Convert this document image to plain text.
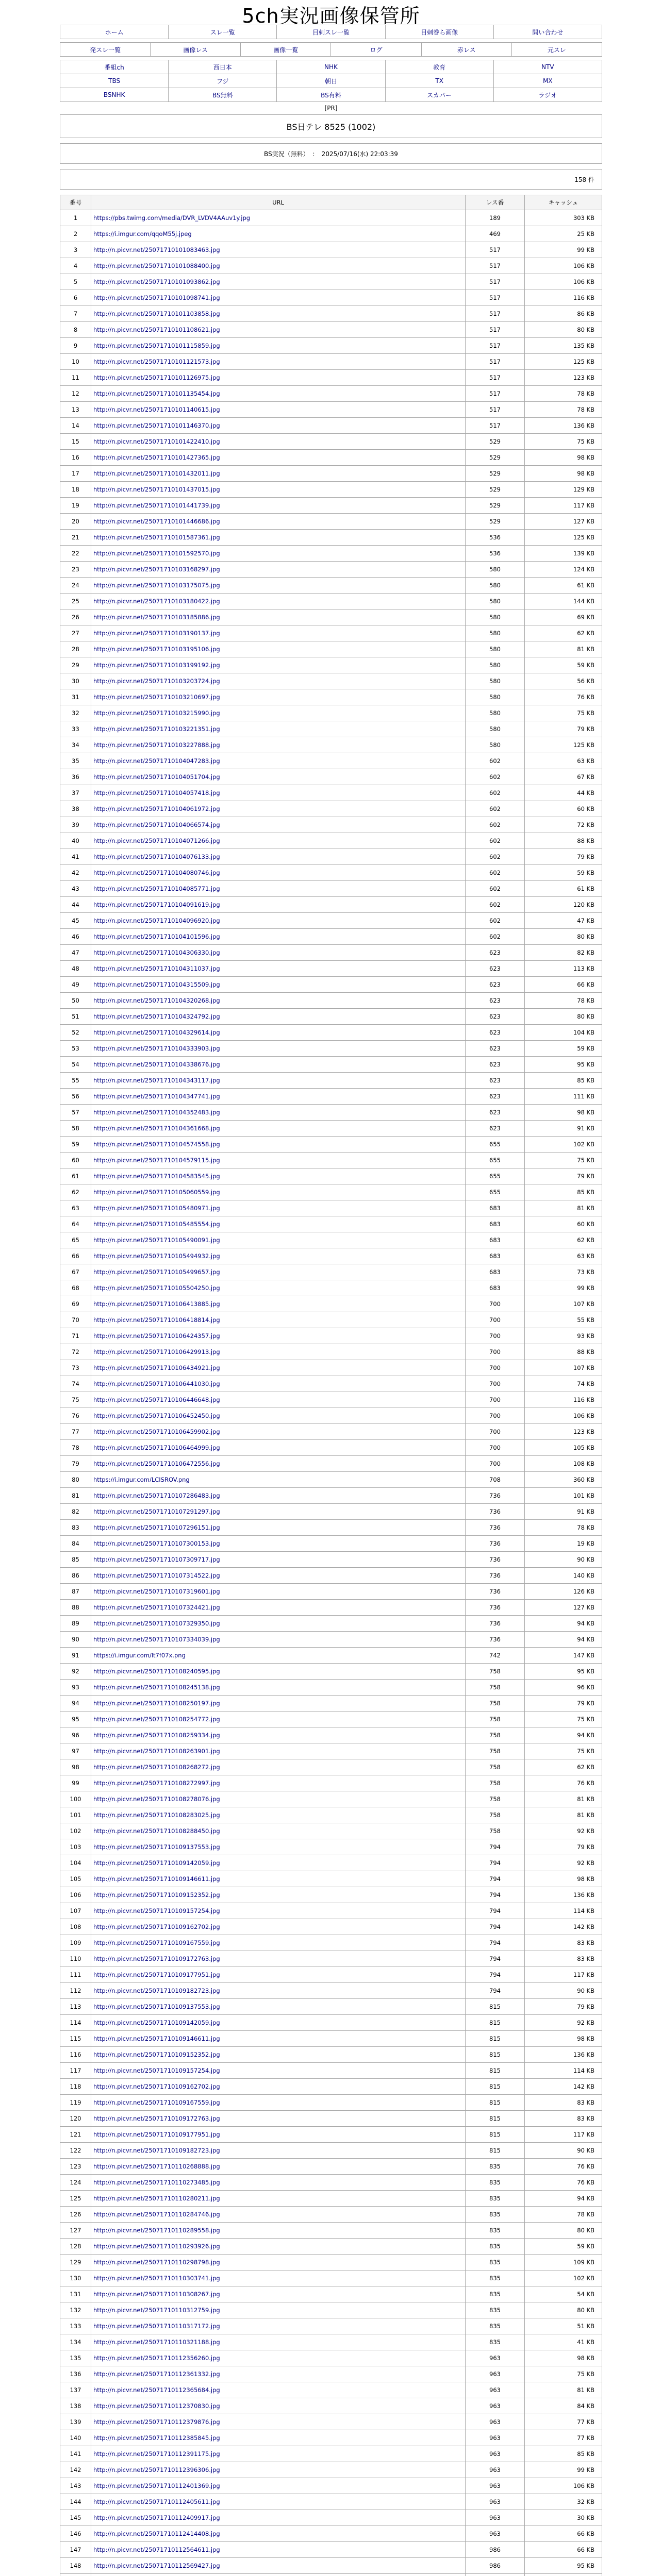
5ch実況画像保管所
ホーム	スレ一覧	目刺スレ一覧	目刺巻ら画像	問い合わせ
発スレ一覧	画像レス	画像一覧	ログ	赤レス	元スレ
番組ch	西日本	NHK	教育	NTV
TBS	フジ	朝日	TX	MX
BSNHK	BS無料	BS有料	スカパー	ラジオ
[PR]
BS日テレ 8525 (1002)
BS実況（無料）　：　2025/07/16(水) 22:03:39
158 件
番号	URL	レス番	キャッシュ
1	https://pbs.twimg.com/media/DVR_LVDV4AAuv1y.jpg	189	303 KB
2	https://i.imgur.com/qqoM55j.jpeg	469	25 KB
3	http://n.picvr.net/25071710101083463.jpg	517	99 KB
4	http://n.picvr.net/25071710101088400.jpg	517	106 KB
5	http://n.picvr.net/25071710101093862.jpg	517	106 KB
6	http://n.picvr.net/25071710101098741.jpg	517	116 KB
7	http://n.picvr.net/25071710101103858.jpg	517	86 KB
8	http://n.picvr.net/25071710101108621.jpg	517	80 KB
9	http://n.picvr.net/25071710101115859.jpg	517	135 KB
10	http://n.picvr.net/25071710101121573.jpg	517	125 KB
11	http://n.picvr.net/25071710101126975.jpg	517	123 KB
12	http://n.picvr.net/25071710101135454.jpg	517	78 KB
13	http://n.picvr.net/25071710101140615.jpg	517	78 KB
14	http://n.picvr.net/25071710101146370.jpg	517	136 KB
15	http://n.picvr.net/25071710101422410.jpg	529	75 KB
16	http://n.picvr.net/25071710101427365.jpg	529	98 KB
17	http://n.picvr.net/25071710101432011.jpg	529	98 KB
18	http://n.picvr.net/25071710101437015.jpg	529	129 KB
19	http://n.picvr.net/25071710101441739.jpg	529	117 KB
20	http://n.picvr.net/25071710101446686.jpg	529	127 KB
21	http://n.picvr.net/25071710101587361.jpg	536	125 KB
22	http://n.picvr.net/25071710101592570.jpg	536	139 KB
23	http://n.picvr.net/25071710103168297.jpg	580	124 KB
24	http://n.picvr.net/25071710103175075.jpg	580	61 KB
25	http://n.picvr.net/25071710103180422.jpg	580	144 KB
26	http://n.picvr.net/25071710103185886.jpg	580	69 KB
27	http://n.picvr.net/25071710103190137.jpg	580	62 KB
28	http://n.picvr.net/25071710103195106.jpg	580	81 KB
29	http://n.picvr.net/25071710103199192.jpg	580	59 KB
30	http://n.picvr.net/25071710103203724.jpg	580	56 KB
31	http://n.picvr.net/25071710103210697.jpg	580	76 KB
32	http://n.picvr.net/25071710103215990.jpg	580	75 KB
33	http://n.picvr.net/25071710103221351.jpg	580	79 KB
34	http://n.picvr.net/25071710103227888.jpg	580	125 KB
35	http://n.picvr.net/25071710104047283.jpg	602	63 KB
36	http://n.picvr.net/25071710104051704.jpg	602	67 KB
37	http://n.picvr.net/25071710104057418.jpg	602	44 KB
38	http://n.picvr.net/25071710104061972.jpg	602	60 KB
39	http://n.picvr.net/25071710104066574.jpg	602	72 KB
40	http://n.picvr.net/25071710104071266.jpg	602	88 KB
41	http://n.picvr.net/25071710104076133.jpg	602	79 KB
42	http://n.picvr.net/25071710104080746.jpg	602	59 KB
43	http://n.picvr.net/25071710104085771.jpg	602	61 KB
44	http://n.picvr.net/25071710104091619.jpg	602	120 KB
45	http://n.picvr.net/25071710104096920.jpg	602	47 KB
46	http://n.picvr.net/25071710104101596.jpg	602	80 KB
47	http://n.picvr.net/25071710104306330.jpg	623	82 KB
48	http://n.picvr.net/25071710104311037.jpg	623	113 KB
49	http://n.picvr.net/25071710104315509.jpg	623	66 KB
50	http://n.picvr.net/25071710104320268.jpg	623	78 KB
51	http://n.picvr.net/25071710104324792.jpg	623	80 KB
52	http://n.picvr.net/25071710104329614.jpg	623	104 KB
53	http://n.picvr.net/25071710104333903.jpg	623	59 KB
54	http://n.picvr.net/25071710104338676.jpg	623	95 KB
55	http://n.picvr.net/25071710104343117.jpg	623	85 KB
56	http://n.picvr.net/25071710104347741.jpg	623	111 KB
57	http://n.picvr.net/25071710104352483.jpg	623	98 KB
58	http://n.picvr.net/25071710104361668.jpg	623	91 KB
59	http://n.picvr.net/25071710104574558.jpg	655	102 KB
60	http://n.picvr.net/25071710104579115.jpg	655	75 KB
61	http://n.picvr.net/25071710104583545.jpg	655	79 KB
62	http://n.picvr.net/25071710105060559.jpg	655	85 KB
63	http://n.picvr.net/25071710105480971.jpg	683	81 KB
64	http://n.picvr.net/25071710105485554.jpg	683	60 KB
65	http://n.picvr.net/25071710105490091.jpg	683	62 KB
66	http://n.picvr.net/25071710105494932.jpg	683	63 KB
67	http://n.picvr.net/25071710105499657.jpg	683	73 KB
68	http://n.picvr.net/25071710105504250.jpg	683	99 KB
69	http://n.picvr.net/25071710106413885.jpg	700	107 KB
70	http://n.picvr.net/25071710106418814.jpg	700	55 KB
71	http://n.picvr.net/25071710106424357.jpg	700	93 KB
72	http://n.picvr.net/25071710106429913.jpg	700	88 KB
73	http://n.picvr.net/25071710106434921.jpg	700	107 KB
74	http://n.picvr.net/25071710106441030.jpg	700	74 KB
75	http://n.picvr.net/25071710106446648.jpg	700	116 KB
76	http://n.picvr.net/25071710106452450.jpg	700	106 KB
77	http://n.picvr.net/25071710106459902.jpg	700	123 KB
78	http://n.picvr.net/25071710106464999.jpg	700	105 KB
79	http://n.picvr.net/25071710106472556.jpg	700	108 KB
80	https://i.imgur.com/LCISROV.png	708	360 KB
81	http://n.picvr.net/25071710107286483.jpg	736	101 KB
82	http://n.picvr.net/25071710107291297.jpg	736	91 KB
83	http://n.picvr.net/25071710107296151.jpg	736	78 KB
84	http://n.picvr.net/25071710107300153.jpg	736	19 KB
85	http://n.picvr.net/25071710107309717.jpg	736	90 KB
86	http://n.picvr.net/25071710107314522.jpg	736	140 KB
87	http://n.picvr.net/25071710107319601.jpg	736	126 KB
88	http://n.picvr.net/25071710107324421.jpg	736	127 KB
89	http://n.picvr.net/25071710107329350.jpg	736	94 KB
90	http://n.picvr.net/25071710107334039.jpg	736	94 KB
91	https://i.imgur.com/lt7f07x.png	742	147 KB
92	http://n.picvr.net/25071710108240595.jpg	758	95 KB
93	http://n.picvr.net/25071710108245138.jpg	758	96 KB
94	http://n.picvr.net/25071710108250197.jpg	758	79 KB
95	http://n.picvr.net/25071710108254772.jpg	758	75 KB
96	http://n.picvr.net/25071710108259334.jpg	758	94 KB
97	http://n.picvr.net/25071710108263901.jpg	758	75 KB
98	http://n.picvr.net/25071710108268272.jpg	758	62 KB
99	http://n.picvr.net/25071710108272997.jpg	758	76 KB
100	http://n.picvr.net/25071710108278076.jpg	758	81 KB
101	http://n.picvr.net/25071710108283025.jpg	758	81 KB
102	http://n.picvr.net/25071710108288450.jpg	758	92 KB
103	http://n.picvr.net/25071710109137553.jpg	794	79 KB
104	http://n.picvr.net/25071710109142059.jpg	794	92 KB
105	http://n.picvr.net/25071710109146611.jpg	794	98 KB
106	http://n.picvr.net/25071710109152352.jpg	794	136 KB
107	http://n.picvr.net/25071710109157254.jpg	794	114 KB
108	http://n.picvr.net/25071710109162702.jpg	794	142 KB
109	http://n.picvr.net/25071710109167559.jpg	794	83 KB
110	http://n.picvr.net/25071710109172763.jpg	794	83 KB
111	http://n.picvr.net/25071710109177951.jpg	794	117 KB
112	http://n.picvr.net/25071710109182723.jpg	794	90 KB
113	http://n.picvr.net/25071710109137553.jpg	815	79 KB
114	http://n.picvr.net/25071710109142059.jpg	815	92 KB
115	http://n.picvr.net/25071710109146611.jpg	815	98 KB
116	http://n.picvr.net/25071710109152352.jpg	815	136 KB
117	http://n.picvr.net/25071710109157254.jpg	815	114 KB
118	http://n.picvr.net/25071710109162702.jpg	815	142 KB
119	http://n.picvr.net/25071710109167559.jpg	815	83 KB
120	http://n.picvr.net/25071710109172763.jpg	815	83 KB
121	http://n.picvr.net/25071710109177951.jpg	815	117 KB
122	http://n.picvr.net/25071710109182723.jpg	815	90 KB
123	http://n.picvr.net/25071710110268888.jpg	835	76 KB
124	http://n.picvr.net/25071710110273485.jpg	835	76 KB
125	http://n.picvr.net/25071710110280211.jpg	835	94 KB
126	http://n.picvr.net/25071710110284746.jpg	835	78 KB
127	http://n.picvr.net/25071710110289558.jpg	835	80 KB
128	http://n.picvr.net/25071710110293926.jpg	835	59 KB
129	http://n.picvr.net/25071710110298798.jpg	835	109 KB
130	http://n.picvr.net/25071710110303741.jpg	835	102 KB
131	http://n.picvr.net/25071710110308267.jpg	835	54 KB
132	http://n.picvr.net/25071710110312759.jpg	835	80 KB
133	http://n.picvr.net/25071710110317172.jpg	835	51 KB
134	http://n.picvr.net/25071710110321188.jpg	835	41 KB
135	http://n.picvr.net/25071710112356260.jpg	963	98 KB
136	http://n.picvr.net/25071710112361332.jpg	963	75 KB
137	http://n.picvr.net/25071710112365684.jpg	963	81 KB
138	http://n.picvr.net/25071710112370830.jpg	963	84 KB
139	http://n.picvr.net/25071710112379876.jpg	963	77 KB
140	http://n.picvr.net/25071710112385845.jpg	963	77 KB
141	http://n.picvr.net/25071710112391175.jpg	963	85 KB
142	http://n.picvr.net/25071710112396306.jpg	963	99 KB
143	http://n.picvr.net/25071710112401369.jpg	963	106 KB
144	http://n.picvr.net/25071710112405611.jpg	963	32 KB
145	http://n.picvr.net/25071710112409917.jpg	963	30 KB
146	http://n.picvr.net/25071710112414408.jpg	963	66 KB
147	http://n.picvr.net/25071710112564611.jpg	986	66 KB
148	http://n.picvr.net/25071710112569427.jpg	986	95 KB
